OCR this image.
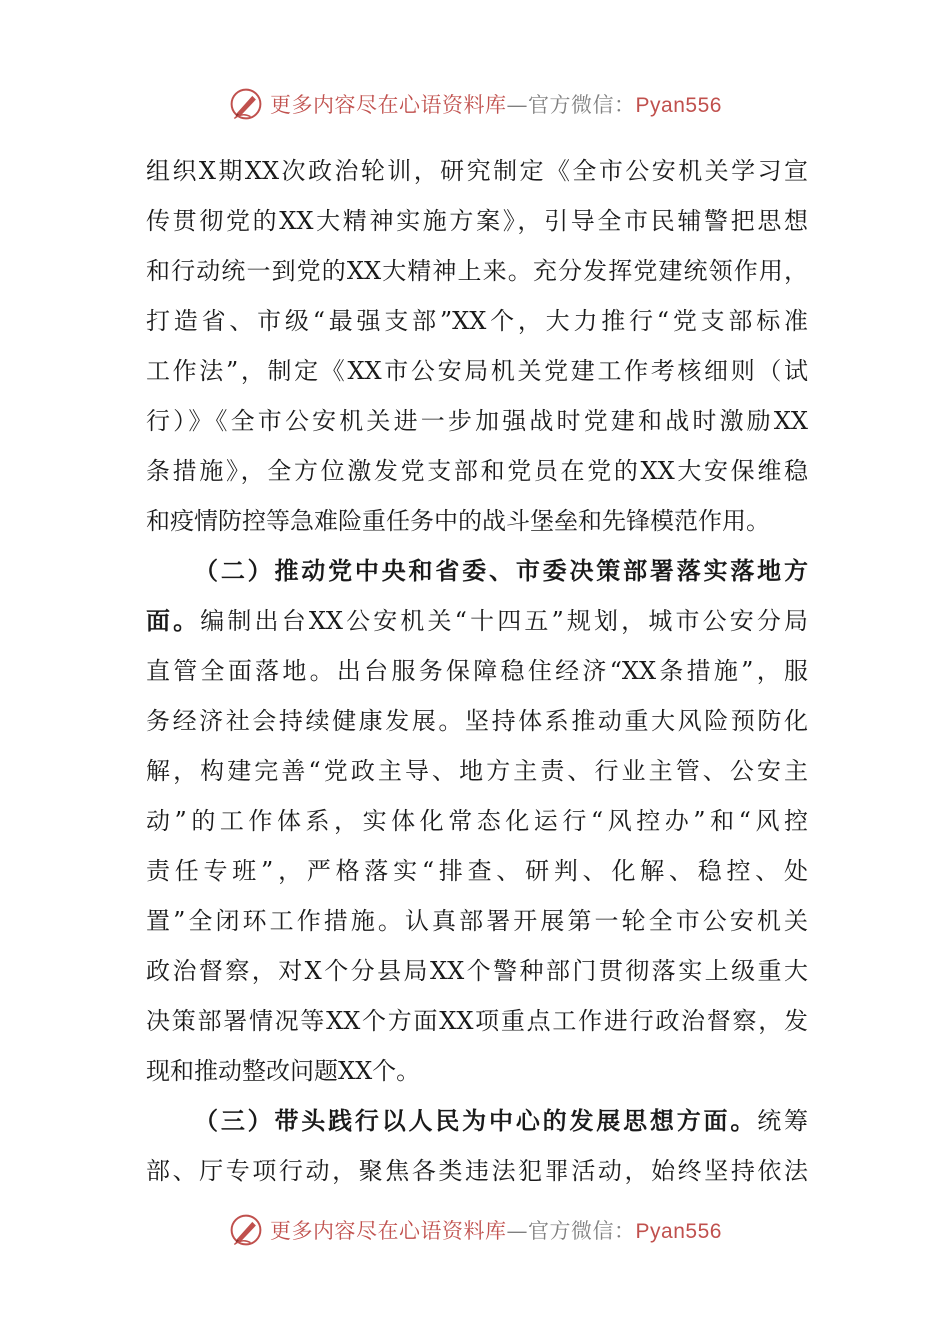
更多内容尽在心语资料库—官方微信：Pyan556
组织X期XX次政治轮训，研究制定《全市公安机关学习宣
传贯彻党的XX大精神实施方案》，引导全市民辅警把思想
和行动统一到党的XX大精神上来。充分发挥党建统领作用，
打造省、市级“最强支部”XX个，大力推行“党支部标准
工作法”，制定《XX市公安局机关党建工作考核细则（试
行）》《全市公安机关进一步加强战时党建和战时激励XX
条措施》，全方位激发党支部和党员在党的XX大安保维稳
和疫情防控等急难险重任务中的战斗堡垒和先锋模范作用。
（二）推动党中央和省委、市委决策部署落实落地方
面。编制出台XX公安机关“十四五”规划，城市公安分局
直管全面落地。出台服务保障稳住经济“XX条措施”，服
务经济社会持续健康发展。坚持体系推动重大风险预防化
解，构建完善“党政主导、地方主责、行业主管、公安主
动”的工作体系，实体化常态化运行“风控办”和“风控
责任专班”，严格落实“排查、研判、化解、稳控、处
置”全闭环工作措施。认真部署开展第一轮全市公安机关
政治督察，对X个分县局XX个警种部门贯彻落实上级重大
决策部署情况等XX个方面XX项重点工作进行政治督察，发
现和推动整改问题XX个。
（三）带头践行以人民为中心的发展思想方面。统筹
部、厅专项行动，聚焦各类违法犯罪活动，始终坚持依法
更多内容尽在心语资料库—官方微信：Pyan556
